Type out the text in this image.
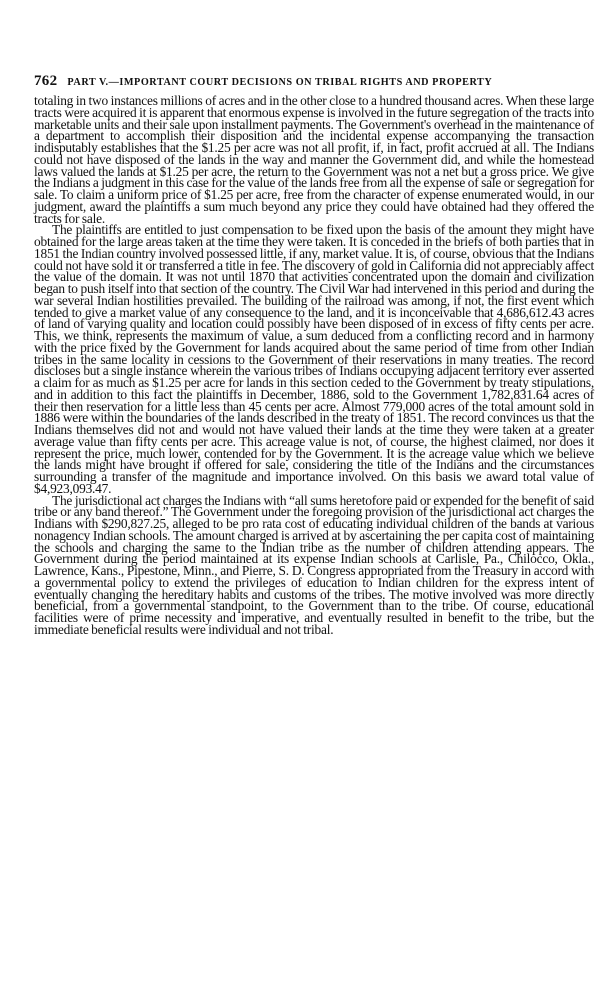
762 PART V.—IMPORTANT COURT DECISIONS ON TRIBAL RIGHTS AND PROPERTY

totaling in two instances millions of acres and in the other close to a hundred thousand acres. When these large tracts were acquired it is apparent that enormous expense is involved in the future segregation of the tracts into marketable units and their sale upon installment payments. The Government's overhead in the maintenance of a department to accomplish their disposition and the incidental expense accompanying the transaction indisputably establishes that the $1.25 per acre was not all profit, if, in fact, profit accrued at all. The Indians could not have disposed of the lands in the way and manner the Government did, and while the homestead laws valued the lands at $1.25 per acre, the return to the Government was not a net but a gross price. We give the Indians a judgment in this case for the value of the lands free from all the expense of sale or segregation for sale. To claim a uniform price of $1.25 per acre, free from the character of expense enumerated would, in our judgment, award the plaintiffs a sum much beyond any price they could have obtained had they offered the tracts for sale.

The plaintiffs are entitled to just compensation to be fixed upon the basis of the amount they might have obtained for the large areas taken at the time they were taken. It is conceded in the briefs of both parties that in 1851 the Indian country involved possessed little, if any, market value. It is, of course, obvious that the Indians could not have sold it or transferred a title in fee. The discovery of gold in California did not appreciably affect the value of the domain. It was not until 1870 that activities concentrated upon the domain and civilization began to push itself into that section of the country. The Civil War had intervened in this period and during the war several Indian hostilities prevailed. The building of the railroad was among, if not, the first event which tended to give a market value of any consequence to the land, and it is inconceivable that 4,686,612.43 acres of land of varying quality and location could possibly have been disposed of in excess of fifty cents per acre. This, we think, represents the maximum of value, a sum deduced from a conflicting record and in harmony with the price fixed by the Government for lands acquired about the same period of time from other Indian tribes in the same locality in cessions to the Government of their reservations in many treaties. The record discloses but a single instance wherein the various tribes of Indians occupying adjacent territory ever asserted a claim for as much as $1.25 per acre for lands in this section ceded to the Government by treaty stipulations, and in addition to this fact the plaintiffs in December, 1886, sold to the Government 1,782,831.64 acres of their then reservation for a little less than 45 cents per acre. Almost 779,000 acres of the total amount sold in 1886 were within the boundaries of the lands described in the treaty of 1851. The record convinces us that the Indians themselves did not and would not have valued their lands at the time they were taken at a greater average value than fifty cents per acre. This acreage value is not, of course, the highest claimed, nor does it represent the price, much lower, contended for by the Government. It is the acreage value which we believe the lands might have brought if offered for sale, considering the title of the Indians and the circumstances surrounding a transfer of the magnitude and importance involved. On this basis we award total value of $4,923,093.47.

The jurisdictional act charges the Indians with “all sums heretofore paid or expended for the benefit of said tribe or any band thereof.” The Government under the foregoing provision of the jurisdictional act charges the Indians with $290,827.25, alleged to be pro rata cost of educating individual children of the bands at various nonagency Indian schools. The amount charged is arrived at by ascertaining the per capita cost of maintaining the schools and charging the same to the Indian tribe as the number of children attending appears. The Government during the period maintained at its expense Indian schools at Carlisle, Pa., Chilocco, Okla., Lawrence, Kans., Pipestone, Minn., and Pierre, S. D. Congress appropriated from the Treasury in accord with a governmental policy to extend the privileges of education to Indian children for the express intent of eventually changing the hereditary habits and customs of the tribes. The motive involved was more directly beneficial, from a governmental standpoint, to the Government than to the tribe. Of course, educational facilities were of prime necessity and imperative, and eventually resulted in benefit to the tribe, but the immediate beneficial results were individual and not tribal.
